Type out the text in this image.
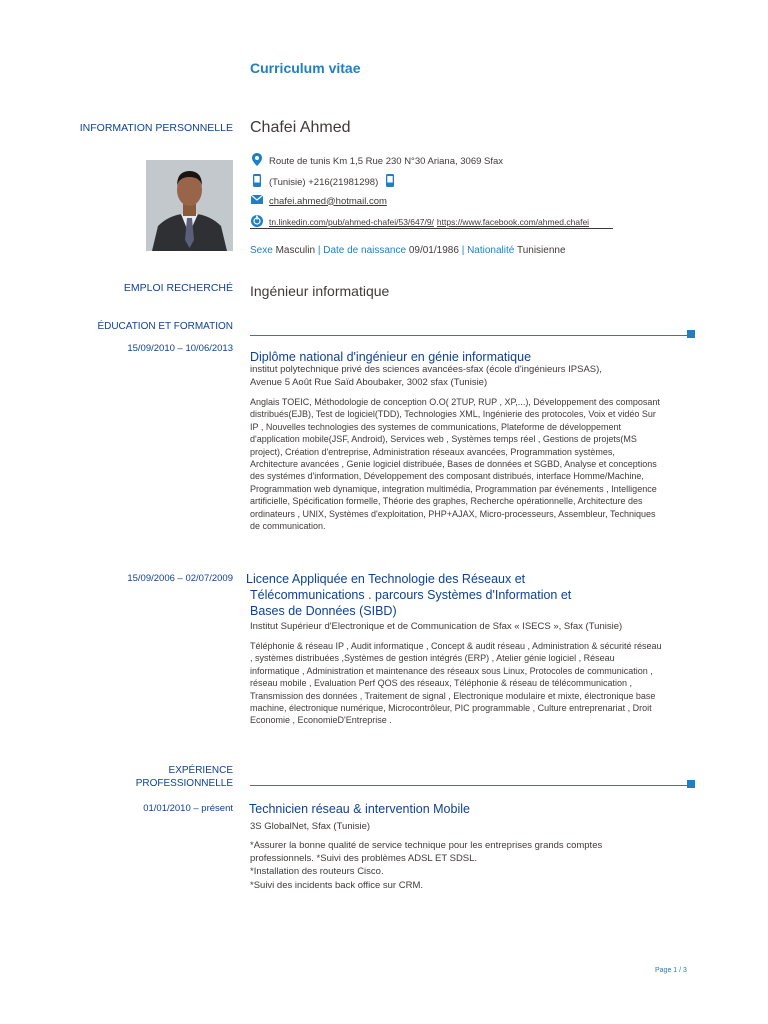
Curriculum vitae
INFORMATION PERSONNELLE Chafei Ahmed
Route de tunis Km 1,5 Rue 230 N°30 Ariana, 3069 Sfax
(Tunisie) +216(21981298)
chafei.ahmed@hotmail.com
tn.linkedin.com/pub/ahmed-chafei/53/647/9/ https://www.facebook.com/ahmed.chafei
Sexe Masculin | Date de naissance 09/01/1986 | Nationalité Tunisienne
EMPLOI RECHERCHÉ Ingénieur informatique
ÉDUCATION ET FORMATION
15/09/2010 – 10/06/2013
Diplôme national d'ingénieur en génie informatique
institut polytechnique privé des sciences avancées-sfax (école d'ingénieurs IPSAS),
Avenue 5 Août Rue Saïd Aboubaker, 3002 sfax (Tunisie)
Anglais TOEIC, Méthodologie de conception O.O( 2TUP, RUP , XP,...), Développement des composant distribués(EJB), Test de logiciel(TDD), Technologies XML, Ingénierie des protocoles, Voix et vidéo Sur IP , Nouvelles technologies des systemes de communications, Plateforme de développement d'application mobile(JSF, Android), Services web , Systèmes temps réel , Gestions de projets(MS project), Création d'entreprise, Administration réseaux avancées, Programmation systèmes, Architecture avancées , Genie logiciel distribuée, Bases de données et SGBD, Analyse et conceptions des systémes d'information, Développement des composant distribués, interface Homme/Machine, Programmation web dynamique, integration multimédia, Programmation par événements , Intelligence artificielle, Spécification formelle, Théorie des graphes, Recherche opérationnelle, Architecture des ordinateurs , UNIX, Systèmes d'exploitation, PHP+AJAX, Micro-processeurs, Assembleur, Techniques de communication.
15/09/2006 – 02/07/2009 Licence Appliquée en Technologie des Réseaux et
Télécommunications . parcours Systèmes d'Information et
Bases de Données (SIBD)
Institut Supérieur d'Electronique et de Communication de Sfax « ISECS », Sfax (Tunisie)
Téléphonie & réseau IP , Audit informatique , Concept & audit réseau , Administration & sécurité réseau , systèmes distribuées ,Systèmes de gestion intégrés (ERP) , Atelier génie logiciel , Réseau informatique , Administration et maintenance des réseaux sous Linux, Protocoles de communication , réseau mobile , Evaluation Perf QOS des réseaux, Téléphonie & réseau de télécommunication , Transmission des données , Traitement de signal , Electronique modulaire et mixte, électronique base machine, électronique numérique, Microcontrôleur, PIC programmable , Culture entreprenariat , Droit Economie , EconomieD'Entreprise .
EXPÉRIENCE
PROFESSIONNELLE
01/01/2010 – présent Technicien réseau & intervention Mobile
3S GlobalNet, Sfax (Tunisie)
*Assurer la bonne qualité de service technique pour les entreprises grands comptes
professionnels. *Suivi des problèmes ADSL ET SDSL.
*Installation des routeurs Cisco.
*Suivi des incidents back office sur CRM.
Page 1 / 3
